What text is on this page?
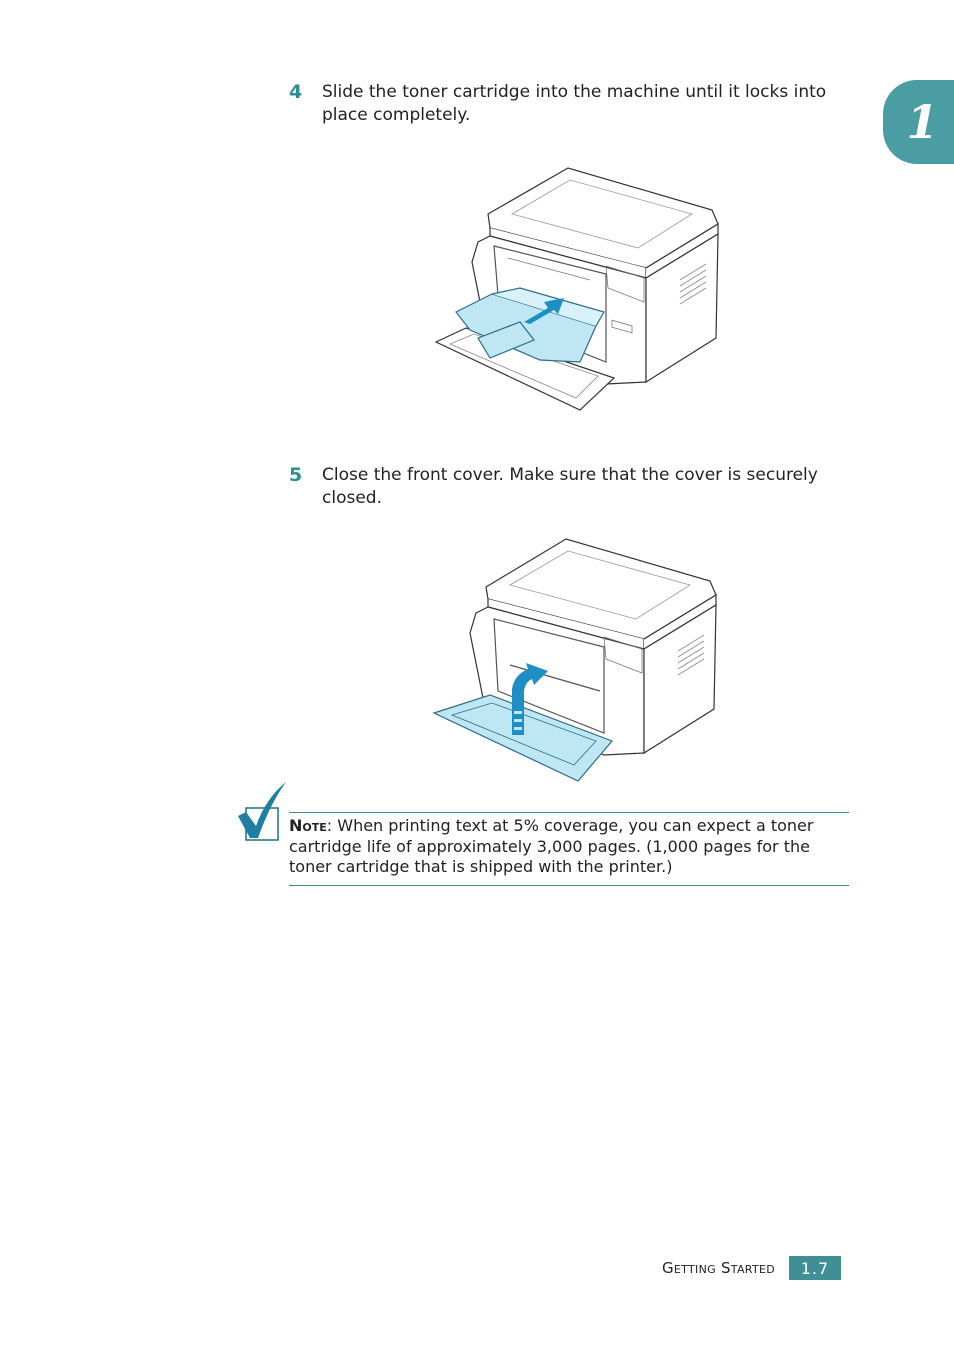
1
4 Slide the toner cartridge into the machine until it locks into place completely.
5 Close the front cover. Make sure that the cover is securely closed.
Note: When printing text at 5% coverage, you can expect a toner cartridge life of approximately 3,000 pages. (1,000 pages for the toner cartridge that is shipped with the printer.)
Getting Started	1.7
